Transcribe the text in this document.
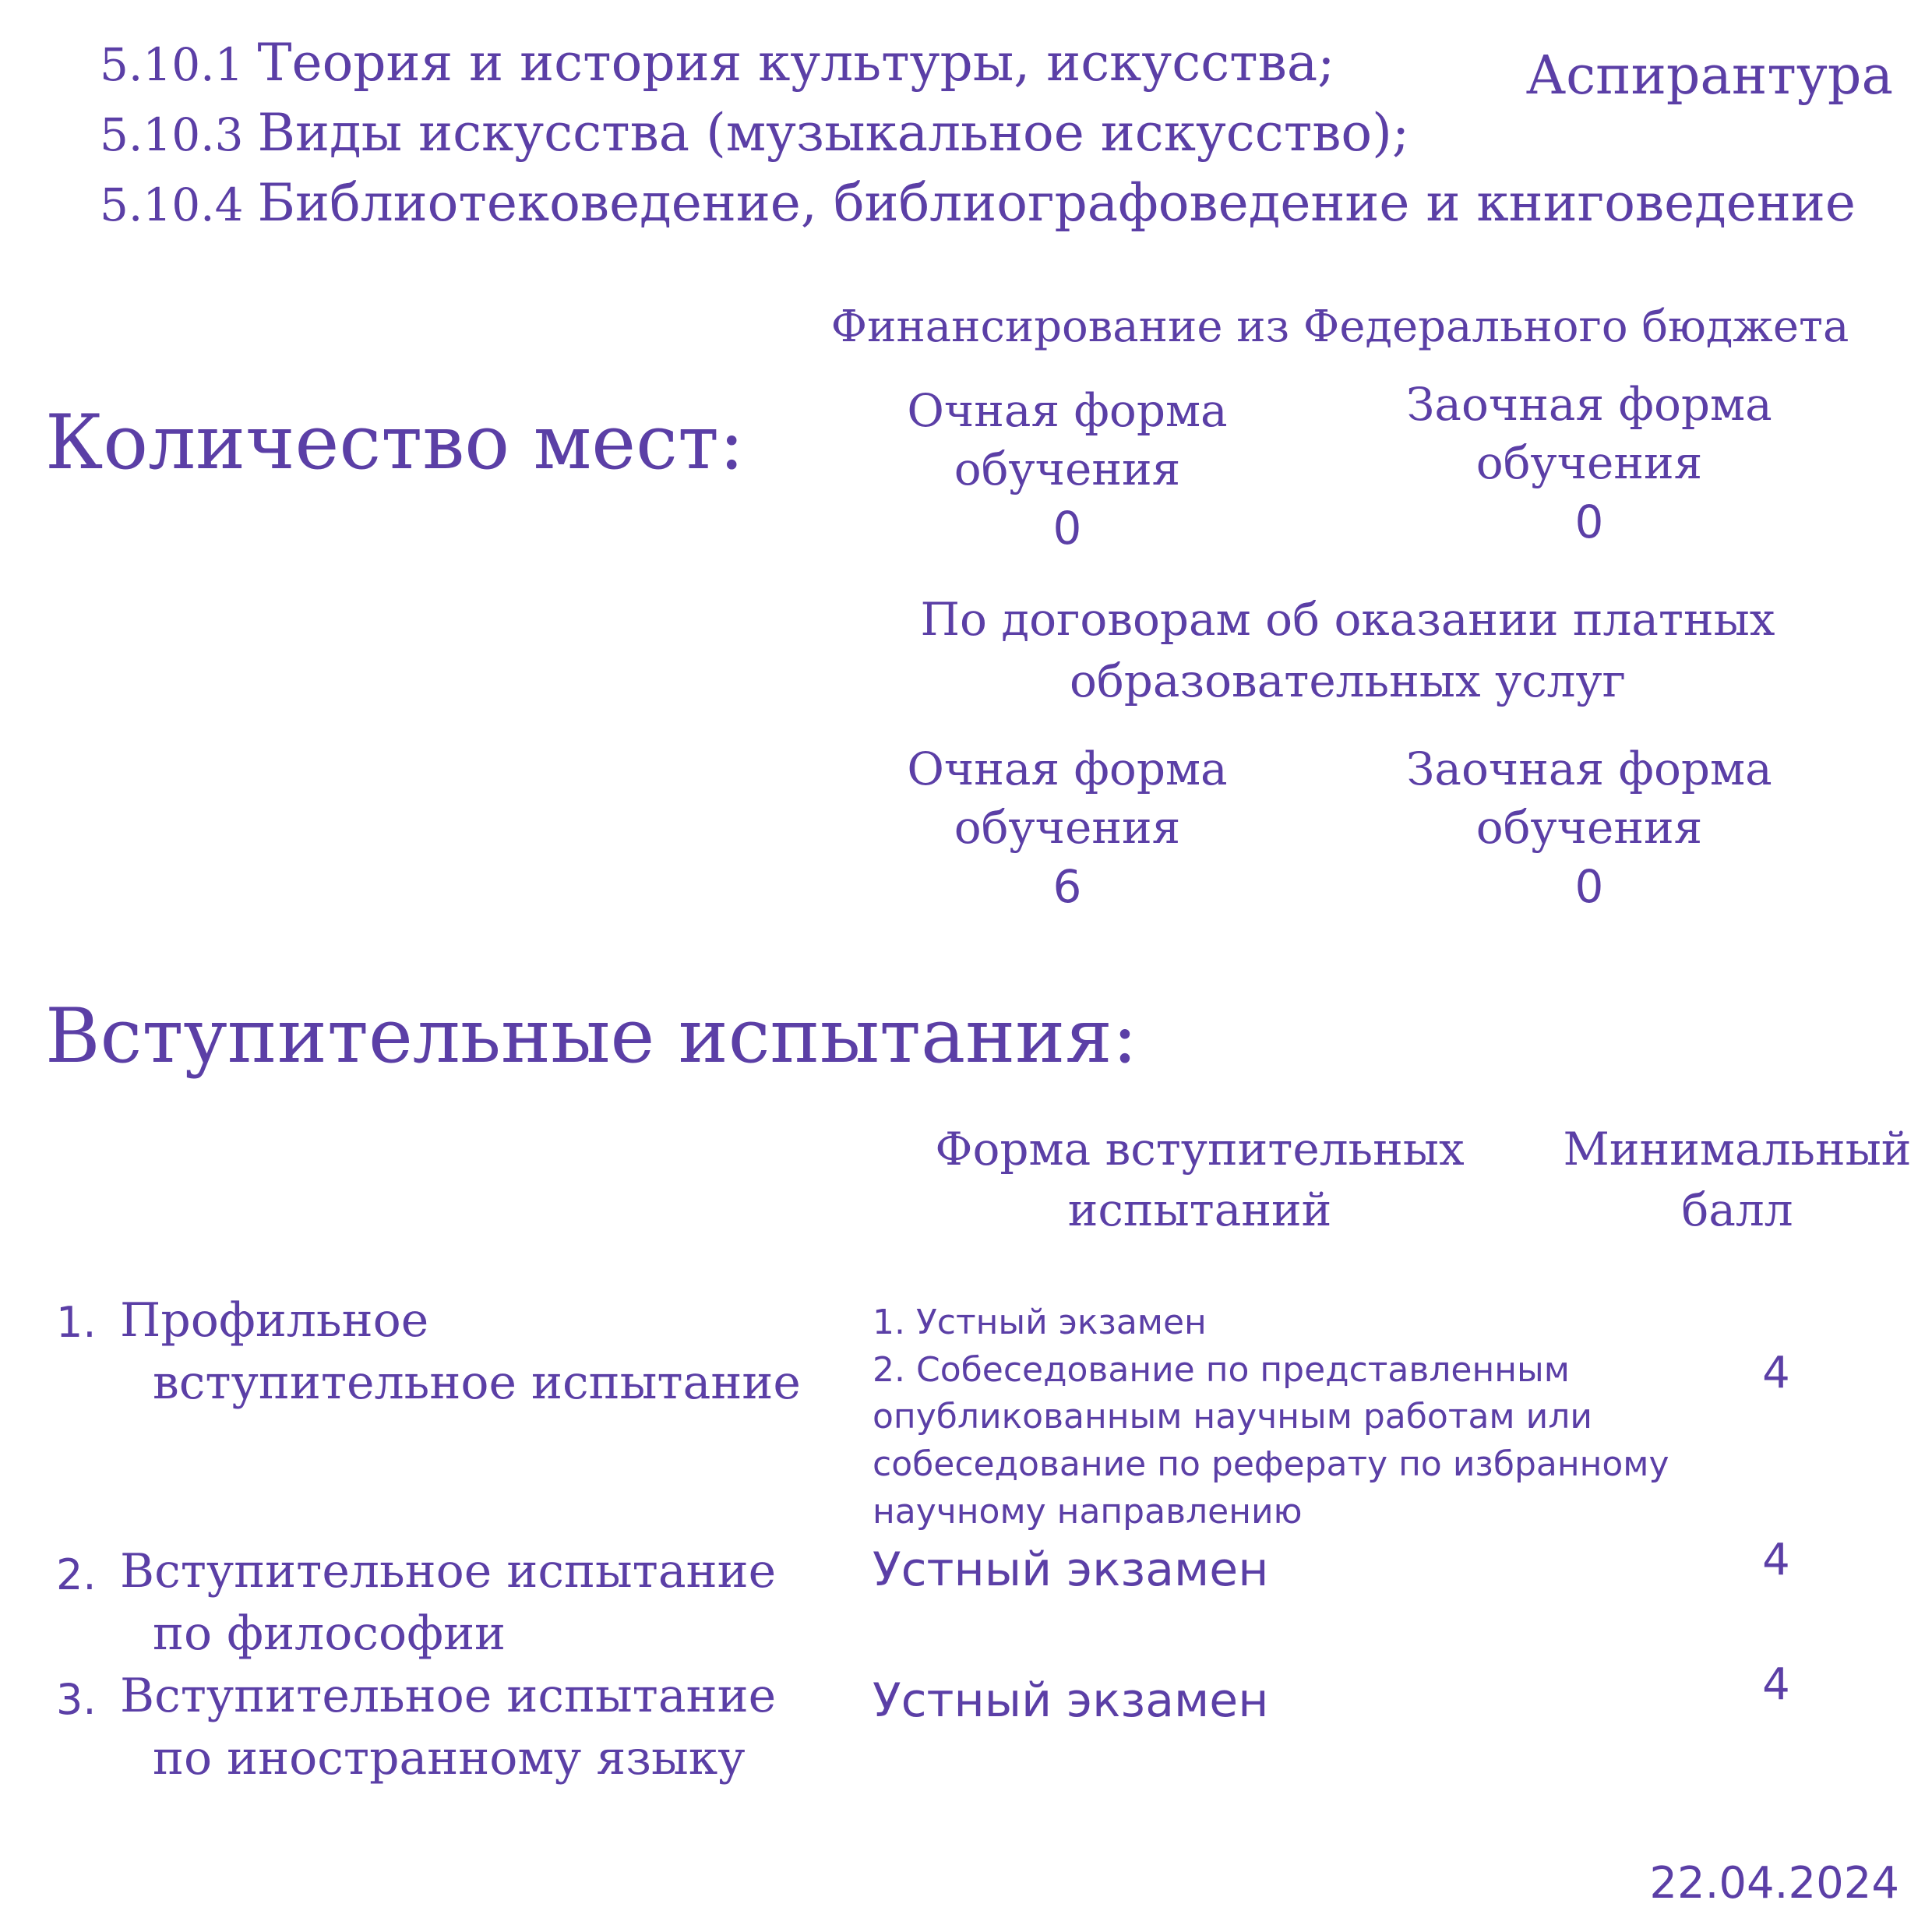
5.10.1 Теория и история культуры, искусства;
5.10.3 Виды искусства (музыкальное искусство);
5.10.4 Библиотековедение, библиографоведение и книговедение
Аспирантура
Количество мест:
Финансирование из Федерального бюджета
Очная форма
обучения
0
Заочная форма
обучения
0
По договорам об оказании платных
образовательных услуг
Очная форма
обучения
6
Заочная форма
обучения
0
Вступительные испытания:
Форма вступительных
испытаний
Минимальный
балл
1. Профильное
вступительное испытание
1. Устный экзамен
2. Собеседование по представленным опубликованным научным работам или собеседование по реферату по избранному научному направлению
4
2. Вступительное испытание
по философии
Устный экзамен	4
3. Вступительное испытание
по иностранному языку
Устный экзамен	4
22.04.2024
